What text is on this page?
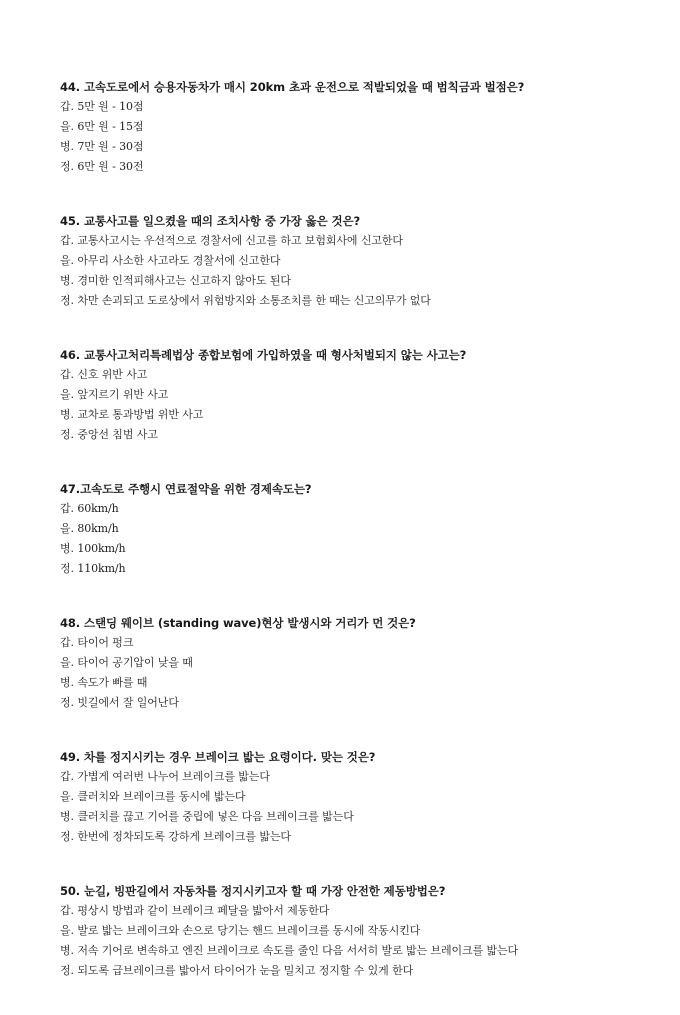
44. 고속도로에서 승용자동차가 매시 20km 초과 운전으로 적발되었을 때 범칙금과 벌점은?
갑. 5만 원 - 10점
을. 6만 원 - 15점
병. 7만 원 - 30점
정. 6만 원 - 30전
45. 교통사고를 일으켰을 때의 조치사항 중 가장 옳은 것은?
갑. 교통사고시는 우선적으로 경찰서에 신고를 하고 보험회사에 신고한다
을. 아무리 사소한 사고라도 경찰서에 신고한다
병. 경미한 인적피해사고는 신고하지 않아도 된다
정. 차만 손괴되고 도로상에서 위험방지와 소통조치를 한 때는 신고의무가 없다
46. 교통사고처리특례법상 종합보험에 가입하였을 때 형사처벌되지 않는 사고는?
갑. 신호 위반 사고
을. 앞지르기 위반 사고
병. 교차로 통과방법 위반 사고
정. 중앙선 침범 사고
47.고속도로 주행시 연료절약을 위한 경제속도는?
갑. 60km/h
을. 80km/h
병. 100km/h
정. 110km/h
48. 스탠딩 웨이브 (standing wave)현상 발생시와 거리가 먼 것은?
갑. 타이어 펑크
을. 타이어 공기압이 낮을 때
병. 속도가 빠를 때
정. 빗길에서 잘 일어난다
49. 차를 정지시키는 경우 브레이크 밟는 요령이다. 맞는 것은?
갑. 가볍게 여러번 나누어 브레이크를 밟는다
을. 클러치와 브레이크를 동시에 밟는다
병. 클러치를 끊고 기어를 중립에 넣은 다음 브레이크를 밟는다
정. 한번에 정차되도록 강하게 브레이크를 밟는다
50. 눈길, 빙판길에서 자동차를 정지시키고자 할 때 가장 안전한 제동방법은?
갑. 평상시 방법과 같이 브레이크 페달을 밟아서 제동한다
을. 발로 밟는 브레이크와 손으로 당기는 핸드 브레이크를 동시에 작동시킨다
병. 저속 기어로 변속하고 엔진 브레이크로 속도를 줄인 다음 서서히 발로 밟는 브레이크를 밟는다
정. 되도록 급브레이크를 밟아서 타이어가 눈을 밀치고 정지할 수 있게 한다
